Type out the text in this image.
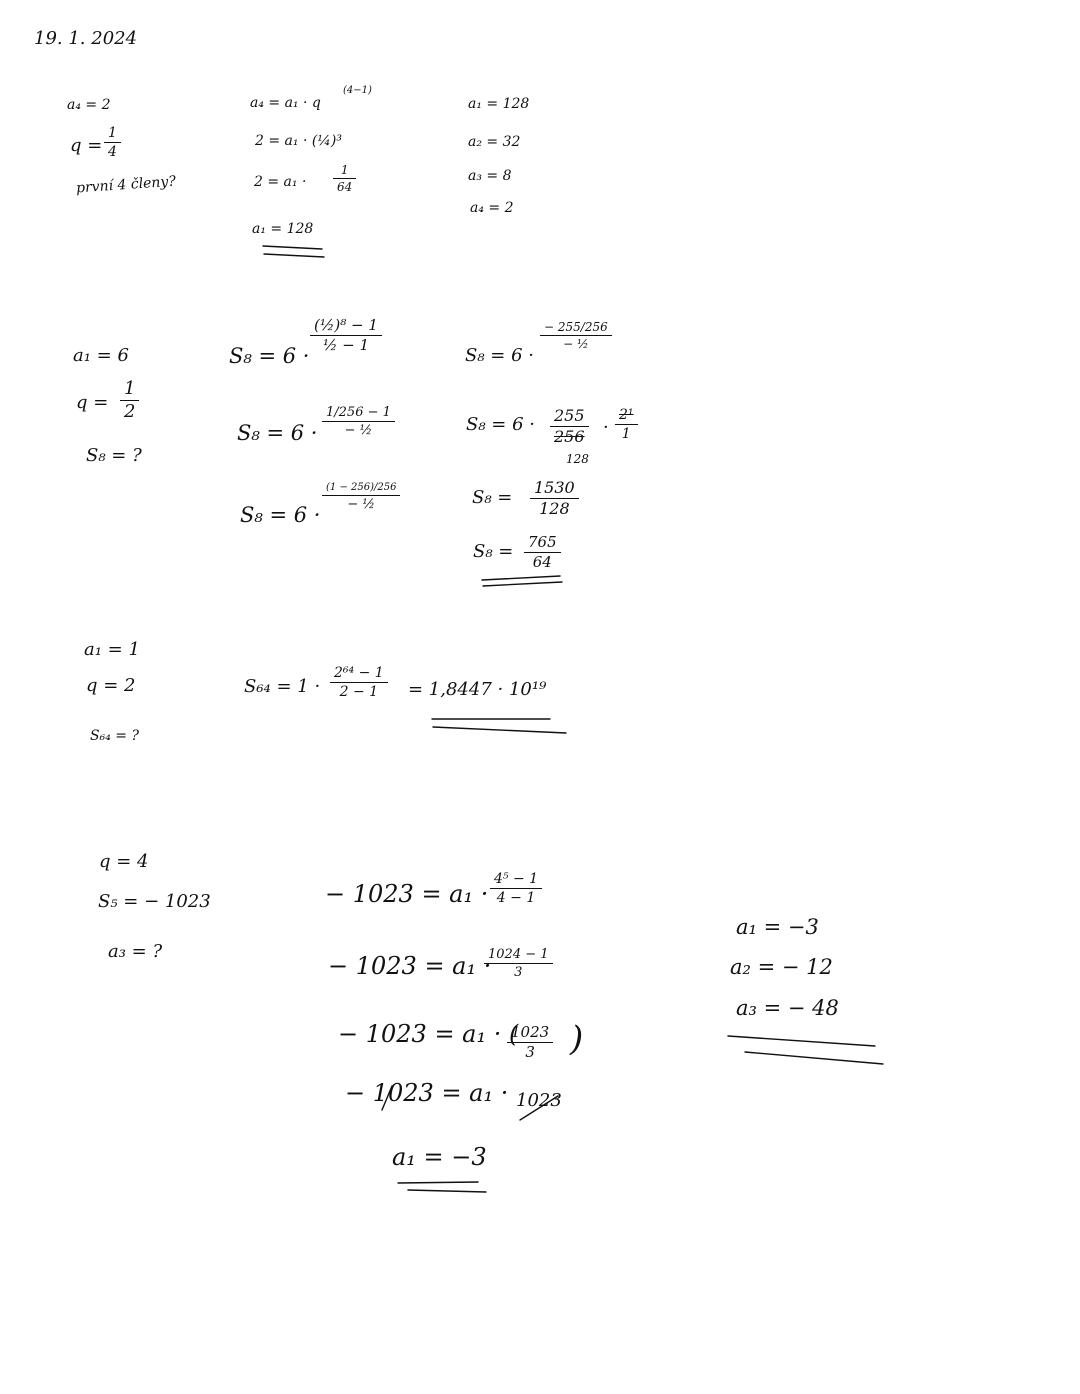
19. 1. 2024
a₄ = 2
q =
1
4
první 4 členy?
a₄ = a₁ · q
(4−1)
2 = a₁ · (¼)³
2 = a₁ ·
1
64
a₁ = 128
a₁ = 128
a₂ = 32
a₃ = 8
a₄ = 2
a₁ = 6
q =
1
2
S₈ = ?
S₈ = 6 ·
(½)⁸ − 1
½ − 1
S₈ = 6 ·
1/256 − 1
− ½
S₈ = 6 ·
(1 − 256)/256
− ½
S₈ = 6 ·
− 255/256
− ½
S₈ = 6 · 255
256
128
·
2¹
1
S₈ = 1530
128
S₈ = 765
64
a₁ = 1
q = 2
S₆₄ = ?
S₆₄ = 1 ·
2⁶⁴ − 1
2 − 1 = 1,8447 · 10¹⁹
q = 4
S₅ = − 1023
a₃ = ?
− 1023 = a₁ ·
4⁵ − 1
4 − 1
− 1023 = a₁ ·
1024 − 1
3
− 1023 = a₁ · (
1023
3 )
− 1023 = a₁ · 1023
a₁ = −3
a₁ = −3
a₂ = − 12
a₃ = − 48
